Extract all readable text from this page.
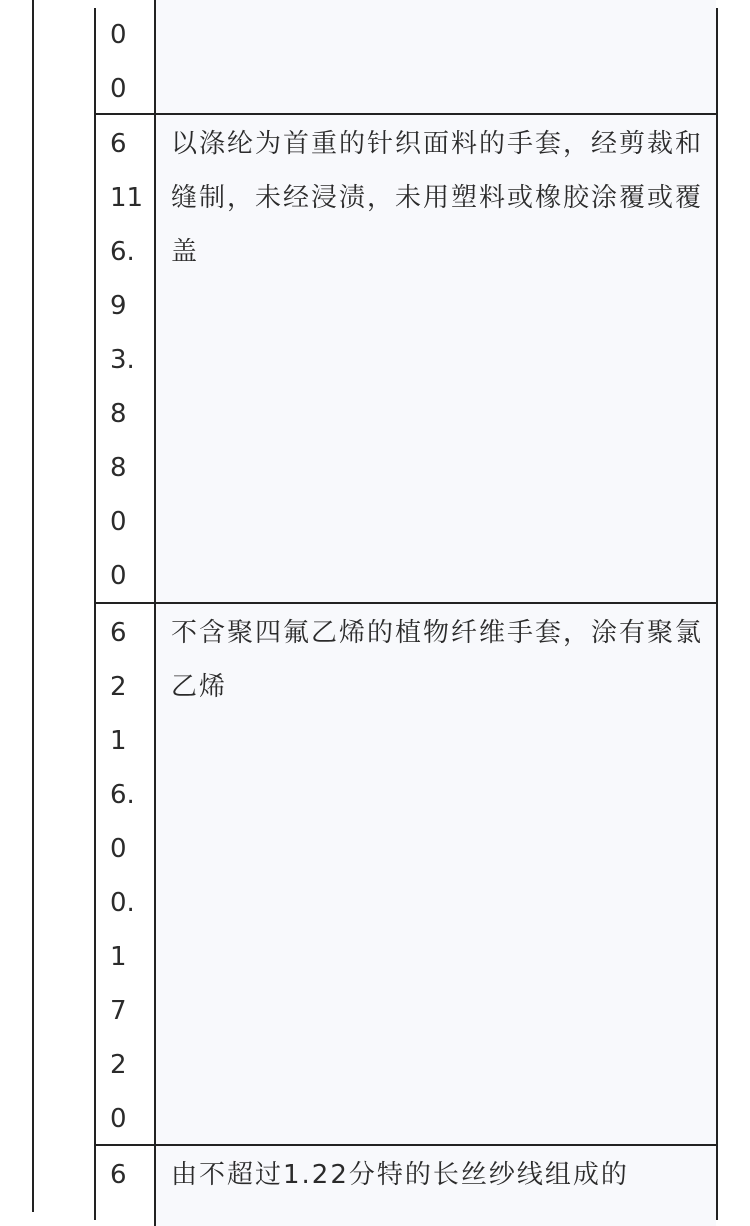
0
0
6
11
6.
9
3.
8
8
0
0
以涤纶为首重的针织面料的手套，经剪裁和缝制，未经浸渍，未用塑料或橡胶涂覆或覆盖
6
2
1
6.
0
0.
1
7
2
0
不含聚四氟乙烯的植物纤维手套，涂有聚氯乙烯
6	由不超过1.22分特的长丝纱线组成的
